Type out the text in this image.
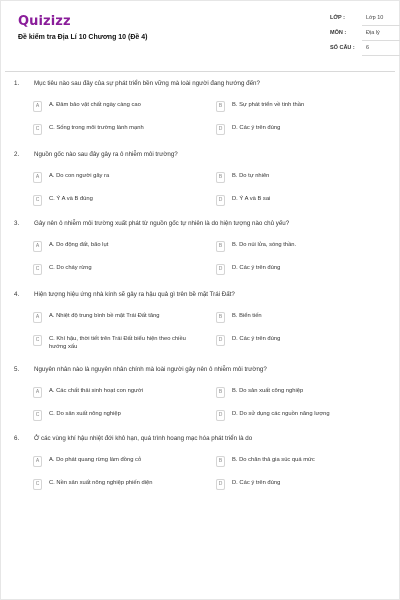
Quizizz
Đề kiểm tra Địa Lí 10 Chương 10 (Đề 4)
LỚP :	Lớp 10
MÔN :	Địa lý
SỐ CÂU :	6
1. Mục tiêu nào sau đây của sự phát triển bền vững mà loài người đang hướng đến?
A	A. Đảm bảo vật chất ngày càng cao	B	B. Sự phát triển về tinh thần
C	C. Sống trong môi trường lành mạnh	D	D. Các ý trên đúng
2. Nguồn gốc nào sau đây gây ra ô nhiễm môi trường?
A	A. Do con người gây ra	B	B. Do tự nhiên
C	C. Ý A và B đúng	D	D. Ý A và B sai
3. Gây nên ô nhiễm môi trường xuất phát từ nguồn gốc tự nhiên là do hiện tượng nào chủ yếu?
A	A. Do động đất, bão lụt	B	B. Do núi lửa, sóng thần.
C	C. Do cháy rừng	D	D. Các ý trên đúng
4. Hiện tượng hiệu ứng nhà kính sẽ gây ra hậu quả gì trên bề mặt Trái Đất?
A	A. Nhiệt độ trung bình bề mặt Trái Đất tăng	B	B. Biển tiến
C	C. Khí hậu, thời tiết trên Trái Đất biểu hiện theo chiều hướng xấu
D	D. Các ý trên đúng
5. Nguyên nhân nào là nguyên nhân chính mà loài người gây nên ô nhiễm môi trường?
A	A. Các chất thải sinh hoạt con người	B	B. Do sản xuất công nghiệp
C	C. Do sản xuất nông nghiệp	D	D. Do sử dụng các nguồn năng lượng
6. Ở các vùng khí hậu nhiệt đới khô hạn, quá trình hoang mạc hóa phát triển là do
A	A. Do phát quang rừng làm đồng cỏ	B	B. Do chăn thả gia súc quá mức
C	C. Nền sản xuất nông nghiệp phiến diện	D	D. Các ý trên đúng
